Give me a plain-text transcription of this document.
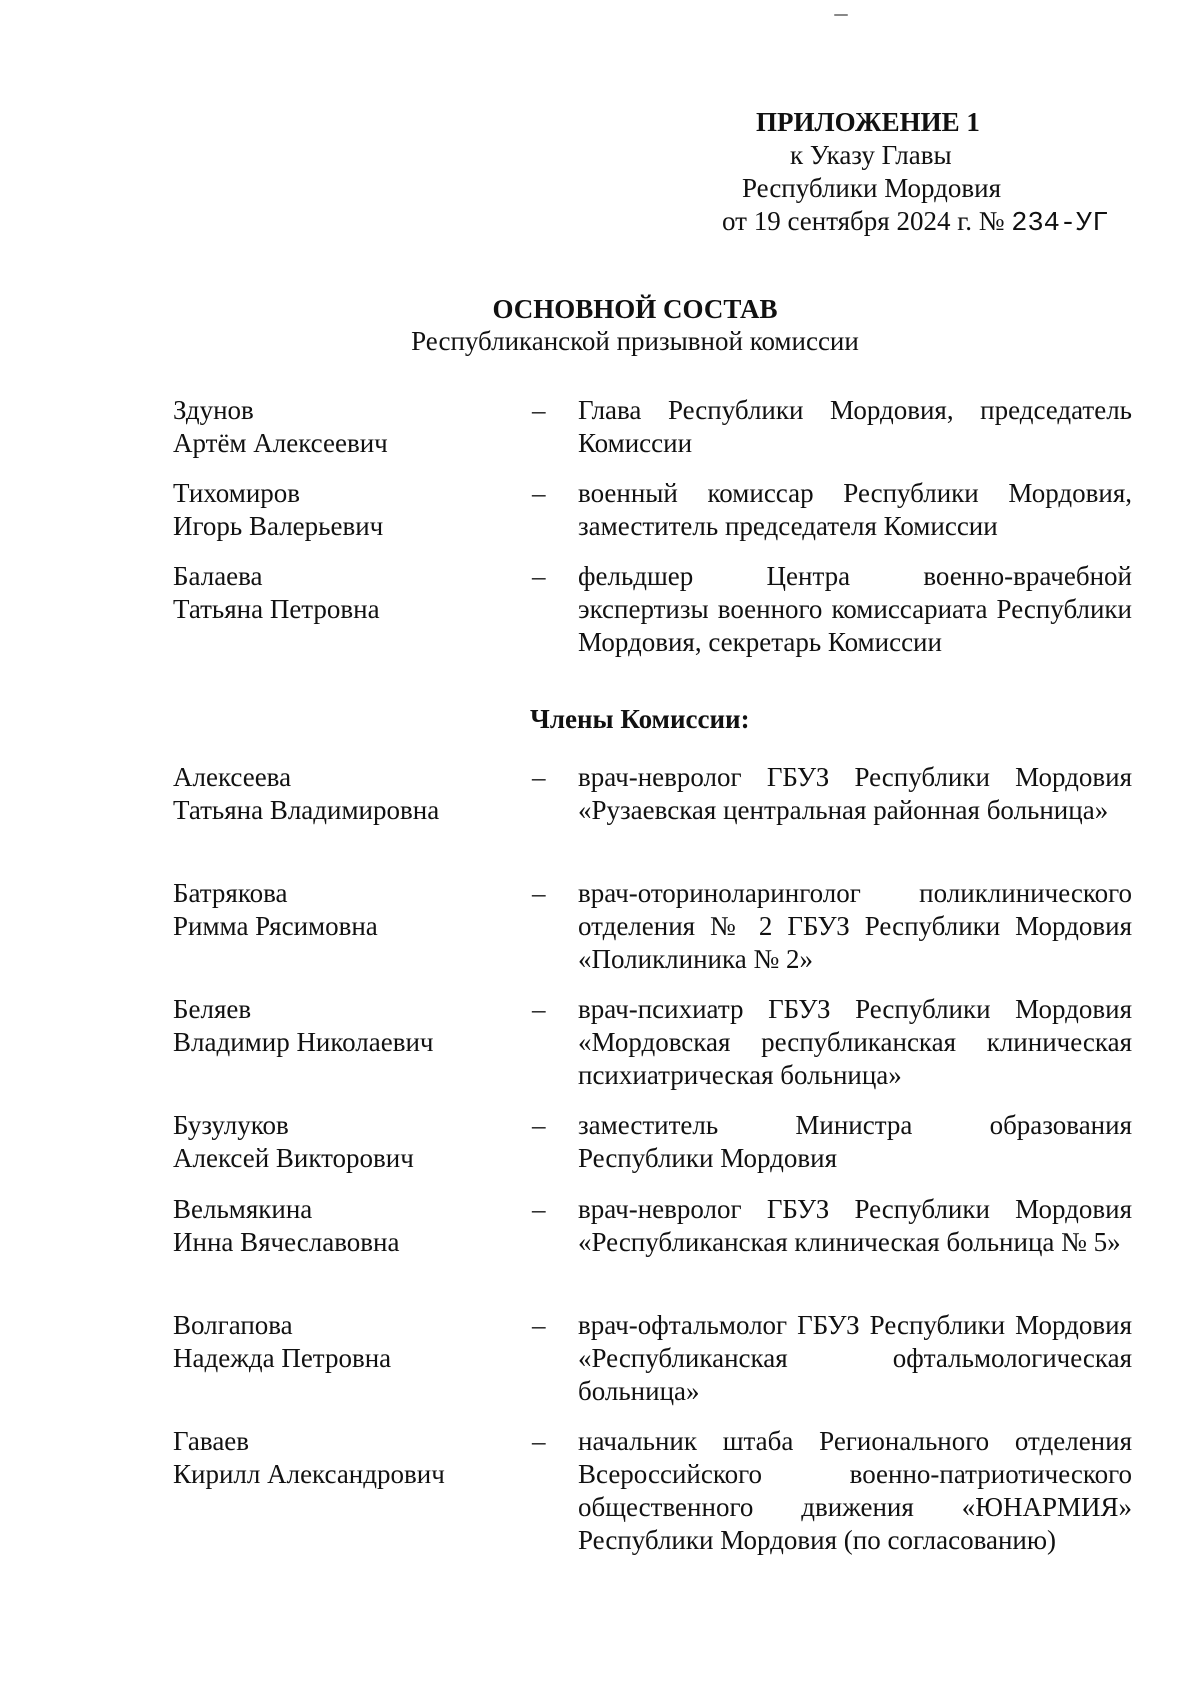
ПРИЛОЖЕНИЕ 1
к Указу Главы
Республики Мордовия
от 19 сентября 2024 г. № 234-УГ
ОСНОВНОЙ СОСТАВ
Республиканской призывной комиссии
Здунов
Артём Алексеевич
– Глава Республики Мордовия, председатель Комиссии
Тихомиров
Игорь Валерьевич
– военный комиссар Республики Мордовия, заместитель председателя Комиссии
Балаева
Татьяна Петровна
– фельдшер Центра военно-врачебной экспертизы военного комиссариата Республики Мордовия, секретарь Комиссии
Члены Комиссии:
Алексеева
Татьяна Владимировна
– врач-невролог ГБУЗ Республики Мордовия «Рузаевская центральная районная больница»
Батрякова
Римма Рясимовна
– врач-оториноларинголог поликлинического отделения № 2 ГБУЗ Республики Мордовия «Поликлиника № 2»
Беляев
Владимир Николаевич
– врач-психиатр ГБУЗ Республики Мордовия «Мордовская республиканская клиническая психиатрическая больница»
Бузулуков
Алексей Викторович
– заместитель Министра образования Республики Мордовия
Вельмякина
Инна Вячеславовна
– врач-невролог ГБУЗ Республики Мордовия «Республиканская клиническая больница № 5»
Волгапова
Надежда Петровна
– врач-офтальмолог ГБУЗ Республики Мордовия «Республиканская офтальмологическая больница»
Гаваев
Кирилл Александрович
– начальник штаба Регионального отделения Всероссийского военно-патриотического общественного движения «ЮНАРМИЯ» Республики Мордовия (по согласованию)
